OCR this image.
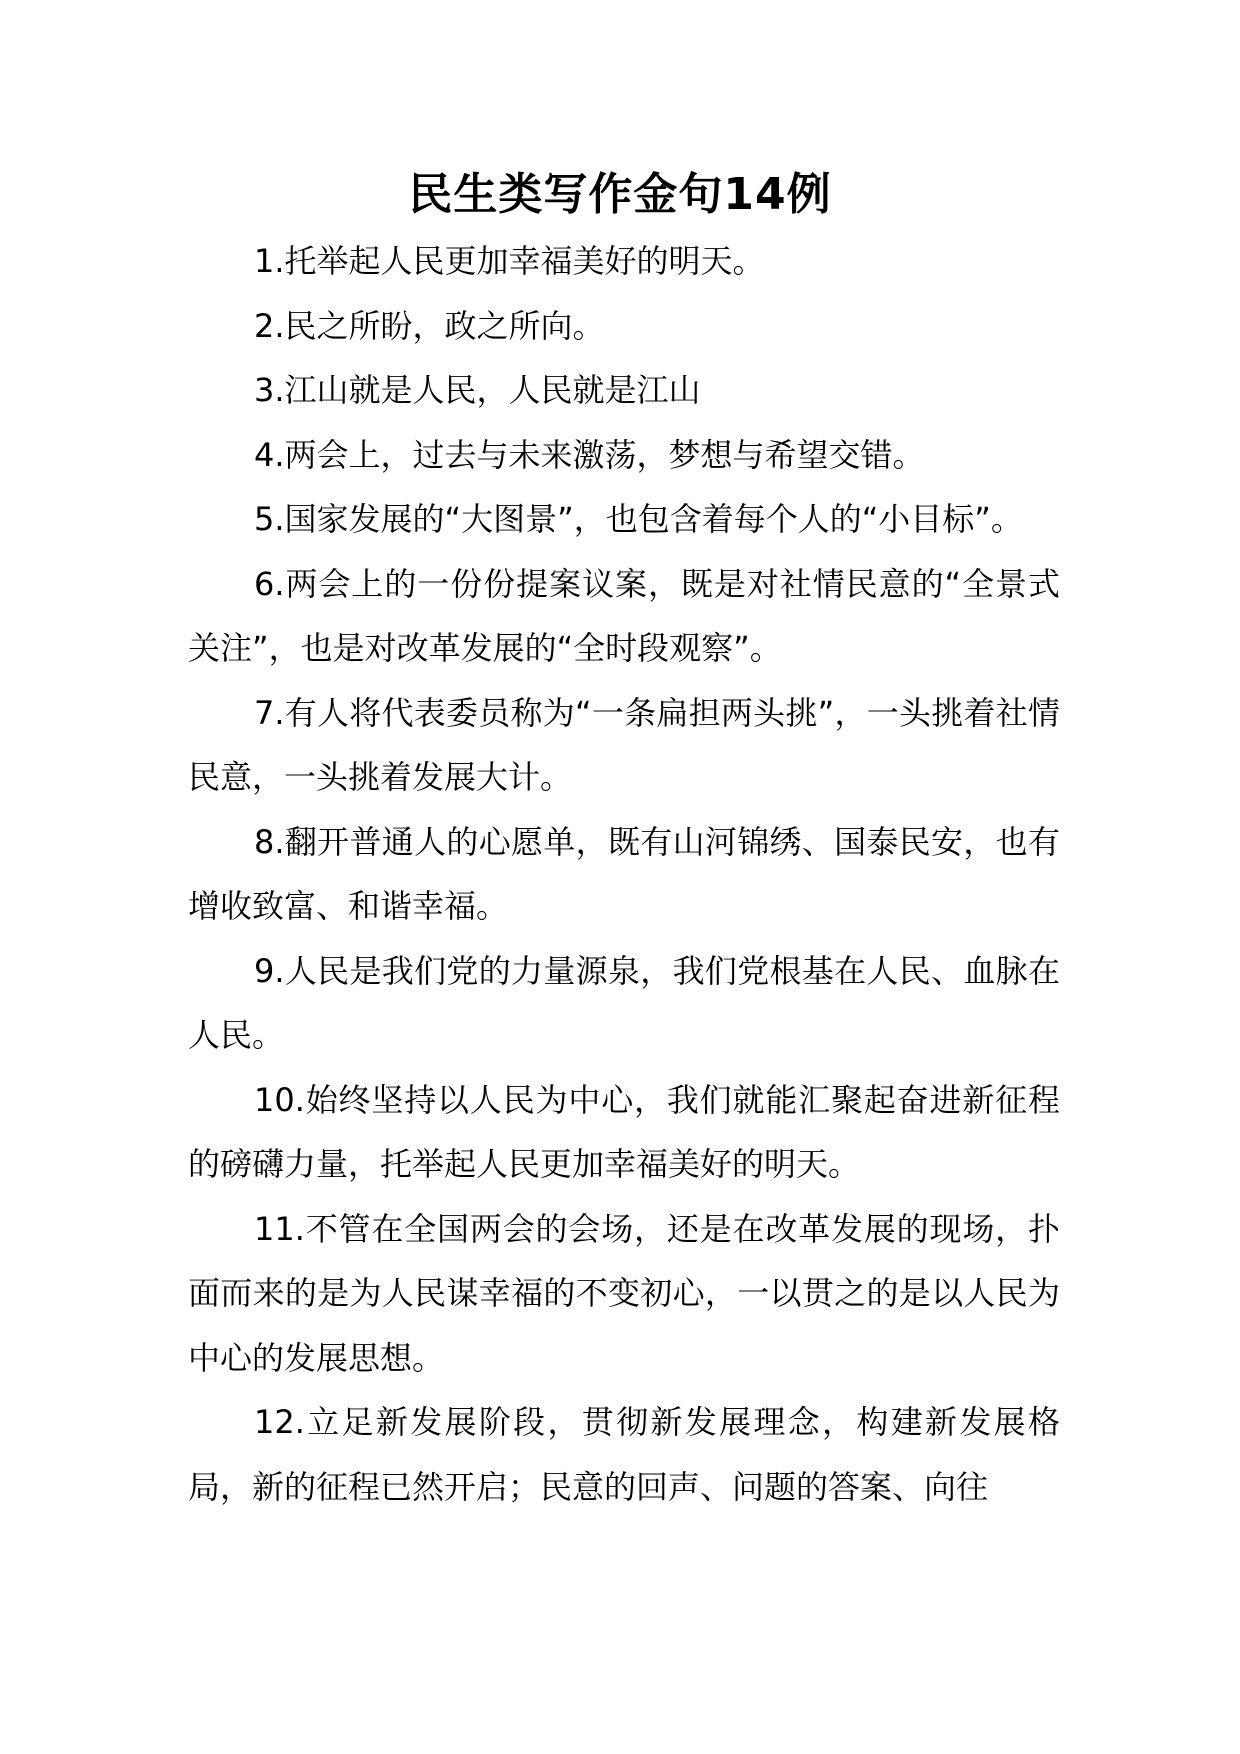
民生类写作金句14例

1.托举起人民更加幸福美好的明天。

2.民之所盼，政之所向。

3.江山就是人民，人民就是江山

4.两会上，过去与未来激荡，梦想与希望交错。

5.国家发展的“大图景”，也包含着每个人的“小目标”。

6.两会上的一份份提案议案，既是对社情民意的“全景式关注”，也是对改革发展的“全时段观察”。

7.有人将代表委员称为“一条扁担两头挑”，一头挑着社情民意，一头挑着发展大计。

8.翻开普通人的心愿单，既有山河锦绣、国泰民安，也有增收致富、和谐幸福。

9.人民是我们党的力量源泉，我们党根基在人民、血脉在人民。

10.始终坚持以人民为中心，我们就能汇聚起奋进新征程的磅礴力量，托举起人民更加幸福美好的明天。

11.不管在全国两会的会场，还是在改革发展的现场，扑面而来的是为人民谋幸福的不变初心，一以贯之的是以人民为中心的发展思想。

12.立足新发展阶段，贯彻新发展理念，构建新发展格局，新的征程已然开启；民意的回声、问题的答案、向往
